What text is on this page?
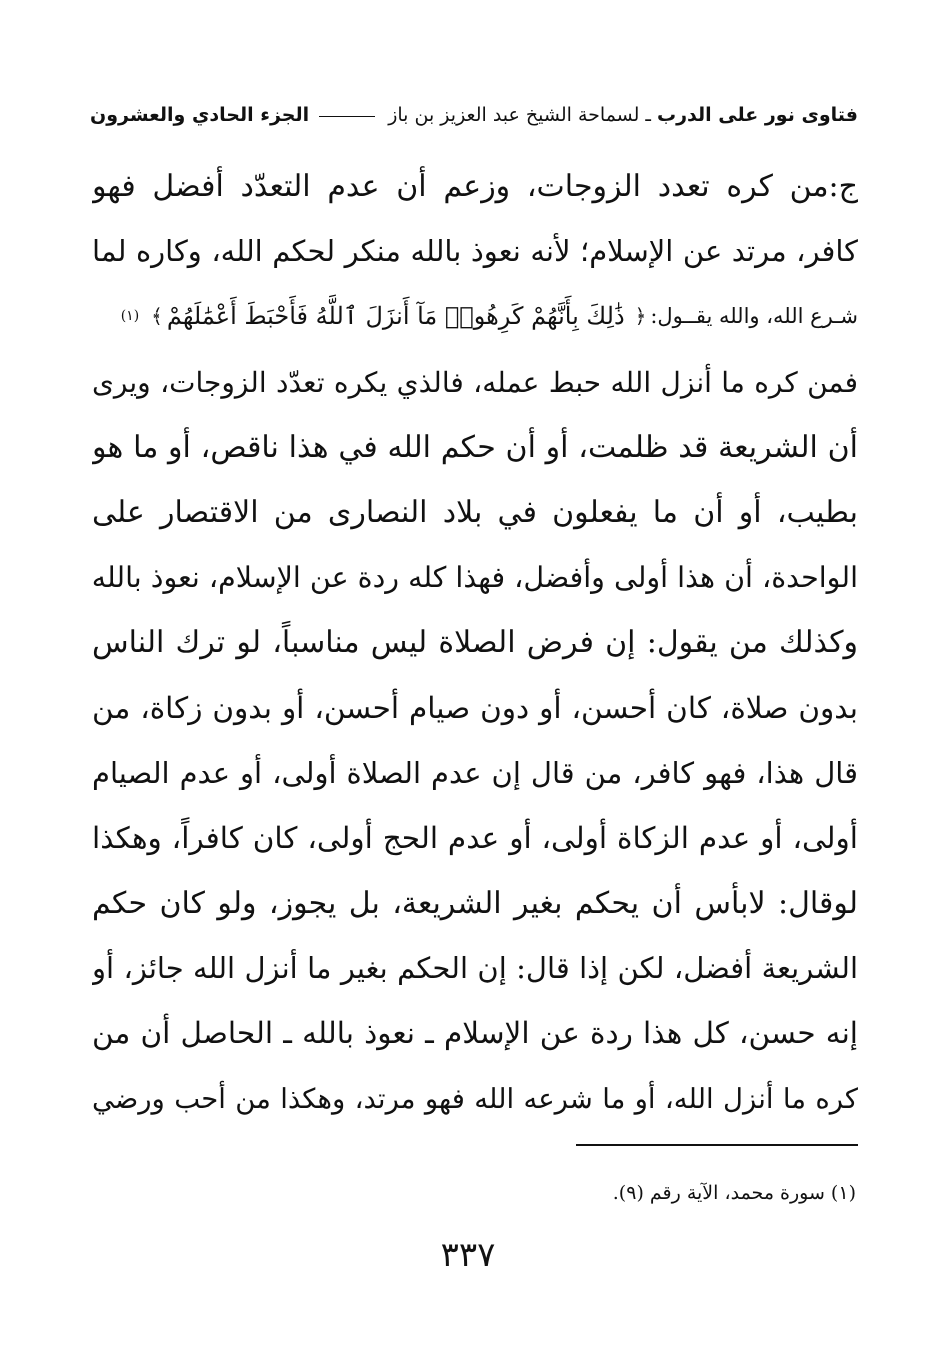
فتاوى نور على الدرب
ـ
لسماحة الشيخ عبد العزيز بن باز
الجزء الحادي والعشرون
ج:من كره تعدد الزوجات، وزعم أن عدم التعدّد أفضل فهو
كافر، مرتد عن الإسلام؛ لأنه نعوذ بالله منكر لحكم الله، وكاره لما
شـرع الله، والله يقــول:
﴿
ذَٰلِكَ بِأَنَّهُمْ كَرِهُوا۟ مَآ أَنزَلَ ٱللَّهُ فَأَحْبَطَ أَعْمَٰلَهُمْ
﴾
(١)
فمن كره ما أنزل الله حبط عمله، فالذي يكره تعدّد الزوجات، ويرى
أن الشريعة قد ظلمت، أو أن حكم الله في هذا ناقص، أو ما هو
بطيب، أو أن ما يفعلون في بلاد النصارى من الاقتصار على
الواحدة، أن هذا أولى وأفضل، فهذا كله ردة عن الإسلام، نعوذ بالله
وكذلك من يقول: إن فرض الصلاة ليس مناسباً، لو ترك الناس
بدون صلاة، كان أحسن، أو دون صيام أحسن، أو بدون زكاة، من
قال هذا، فهو كافر، من قال إن عدم الصلاة أولى، أو عدم الصيام
أولى، أو عدم الزكاة أولى، أو عدم الحج أولى، كان كافراً، وهكذا
لوقال: لابأس أن يحكم بغير الشريعة، بل يجوز، ولو كان حكم
الشريعة أفضل، لكن إذا قال: إن الحكم بغير ما أنزل الله جائز، أو
إنه حسن، كل هذا ردة عن الإسلام ـ نعوذ بالله ـ الحاصل أن من
كره ما أنزل الله، أو ما شرعه الله فهو مرتد، وهكذا من أحب ورضي
(١) سورة محمد، الآية رقم (٩).
٣٣٧
